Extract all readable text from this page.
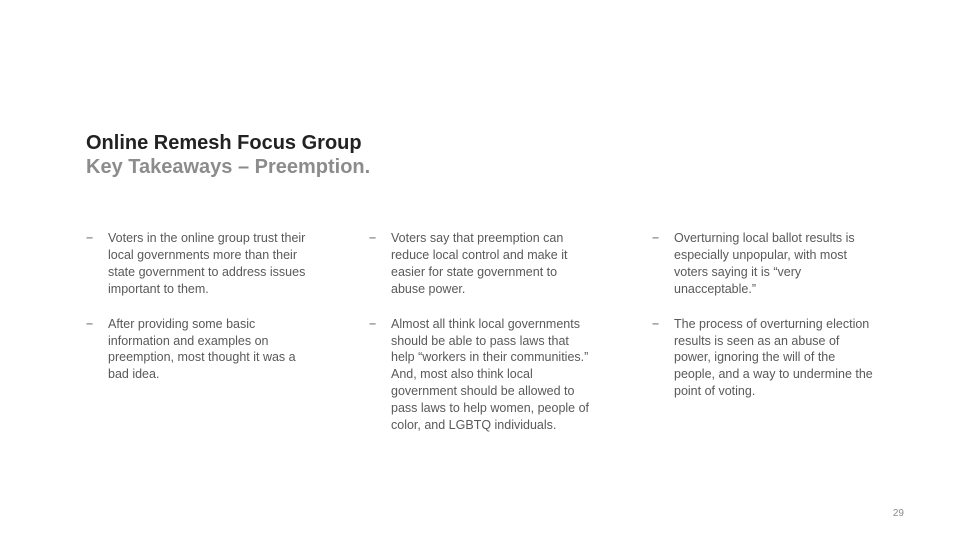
Online Remesh Focus Group
Key Takeaways – Preemption.
−	Voters in the online group trust their local governments more than their state government to address issues important to them.
−	After providing some basic information and examples on preemption, most thought it was a bad idea.
−	Voters say that preemption can reduce local control and make it easier for state government to abuse power.
−	Almost all think local governments should be able to pass laws that help “workers in their communities.” And, most also think local government should be allowed to pass laws to help women, people of color, and LGBTQ individuals.
−	Overturning local ballot results is especially unpopular, with most voters saying it is “very unacceptable.”
−	The process of overturning election results is seen as an abuse of power, ignoring the will of the people, and a way to undermine the point of voting.
29
